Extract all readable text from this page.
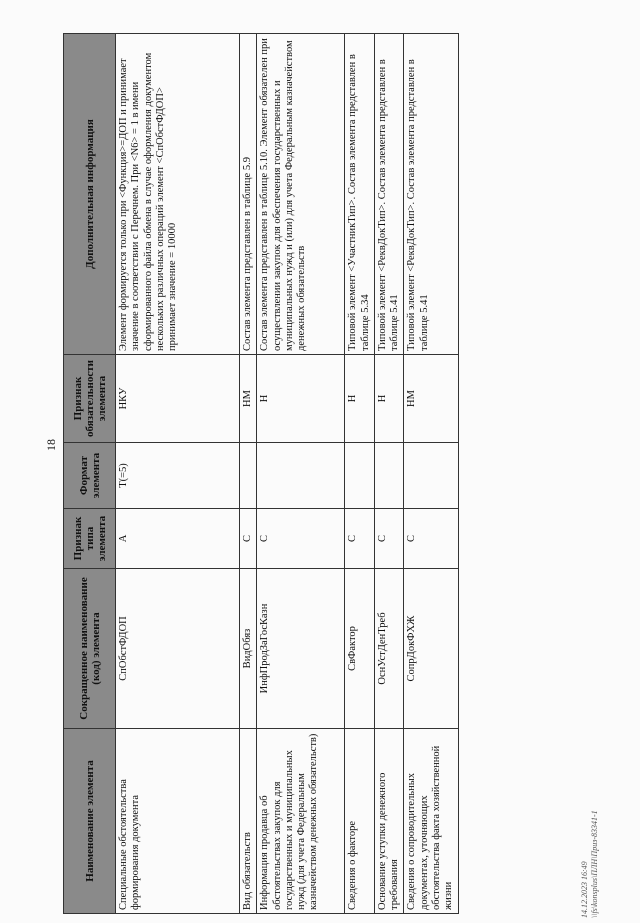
18
Наименование элемента	Сокращенное наименование (код) элемента	Признак типа элемента	Формат элемента	Признак обязательности элемента	Дополнительная информация
Специальные обстоятельства формирования документа	СпОбстФДОП	А	T(=5)	НКУ	Элемент формируется только при <Функция>=ДОП и принимает значение в соответствии с Перечнем. При <N6> = 1 в имени сформированного файла обмена в случае оформления документом нескольких различных операций элемент <СпОбстФДОП> принимает значение = 10000
Вид обязательств	ВидОбяз	С		НМ	Состав элемента представлен в таблице 5.9
Информация продавца об обстоятельствах закупок для государственных и муниципальных нужд (для учета Федеральным казначейством денежных обязательств)	ИнфПродЗаГосКазн	С		Н	Состав элемента представлен в таблице 5.10. Элемент обязателен при осуществлении закупок для обеспечения государственных и муниципальных нужд и (или) для учета Федеральным казначейством денежных обязательств
Сведения о факторе	СвФактор	С		Н	Типовой элемент <УчастникТип>. Состав элемента представлен в таблице 5.34
Основание уступки денежного требования	ОснУстДенТреб	С		Н	Типовой элемент <РеквДокТип>. Состав элемента представлен в таблице 5.41
Сведения о сопроводительных документах, уточняющих обстоятельства факта хозяйственной жизни	СопрДокФХЖ	С		НМ	Типовой элемент <РеквДокТип>. Состав элемента представлен в таблице 5.41
14.12.2023 16:49 \\fs\konsplus\ПЛН\Приз-83341-1
